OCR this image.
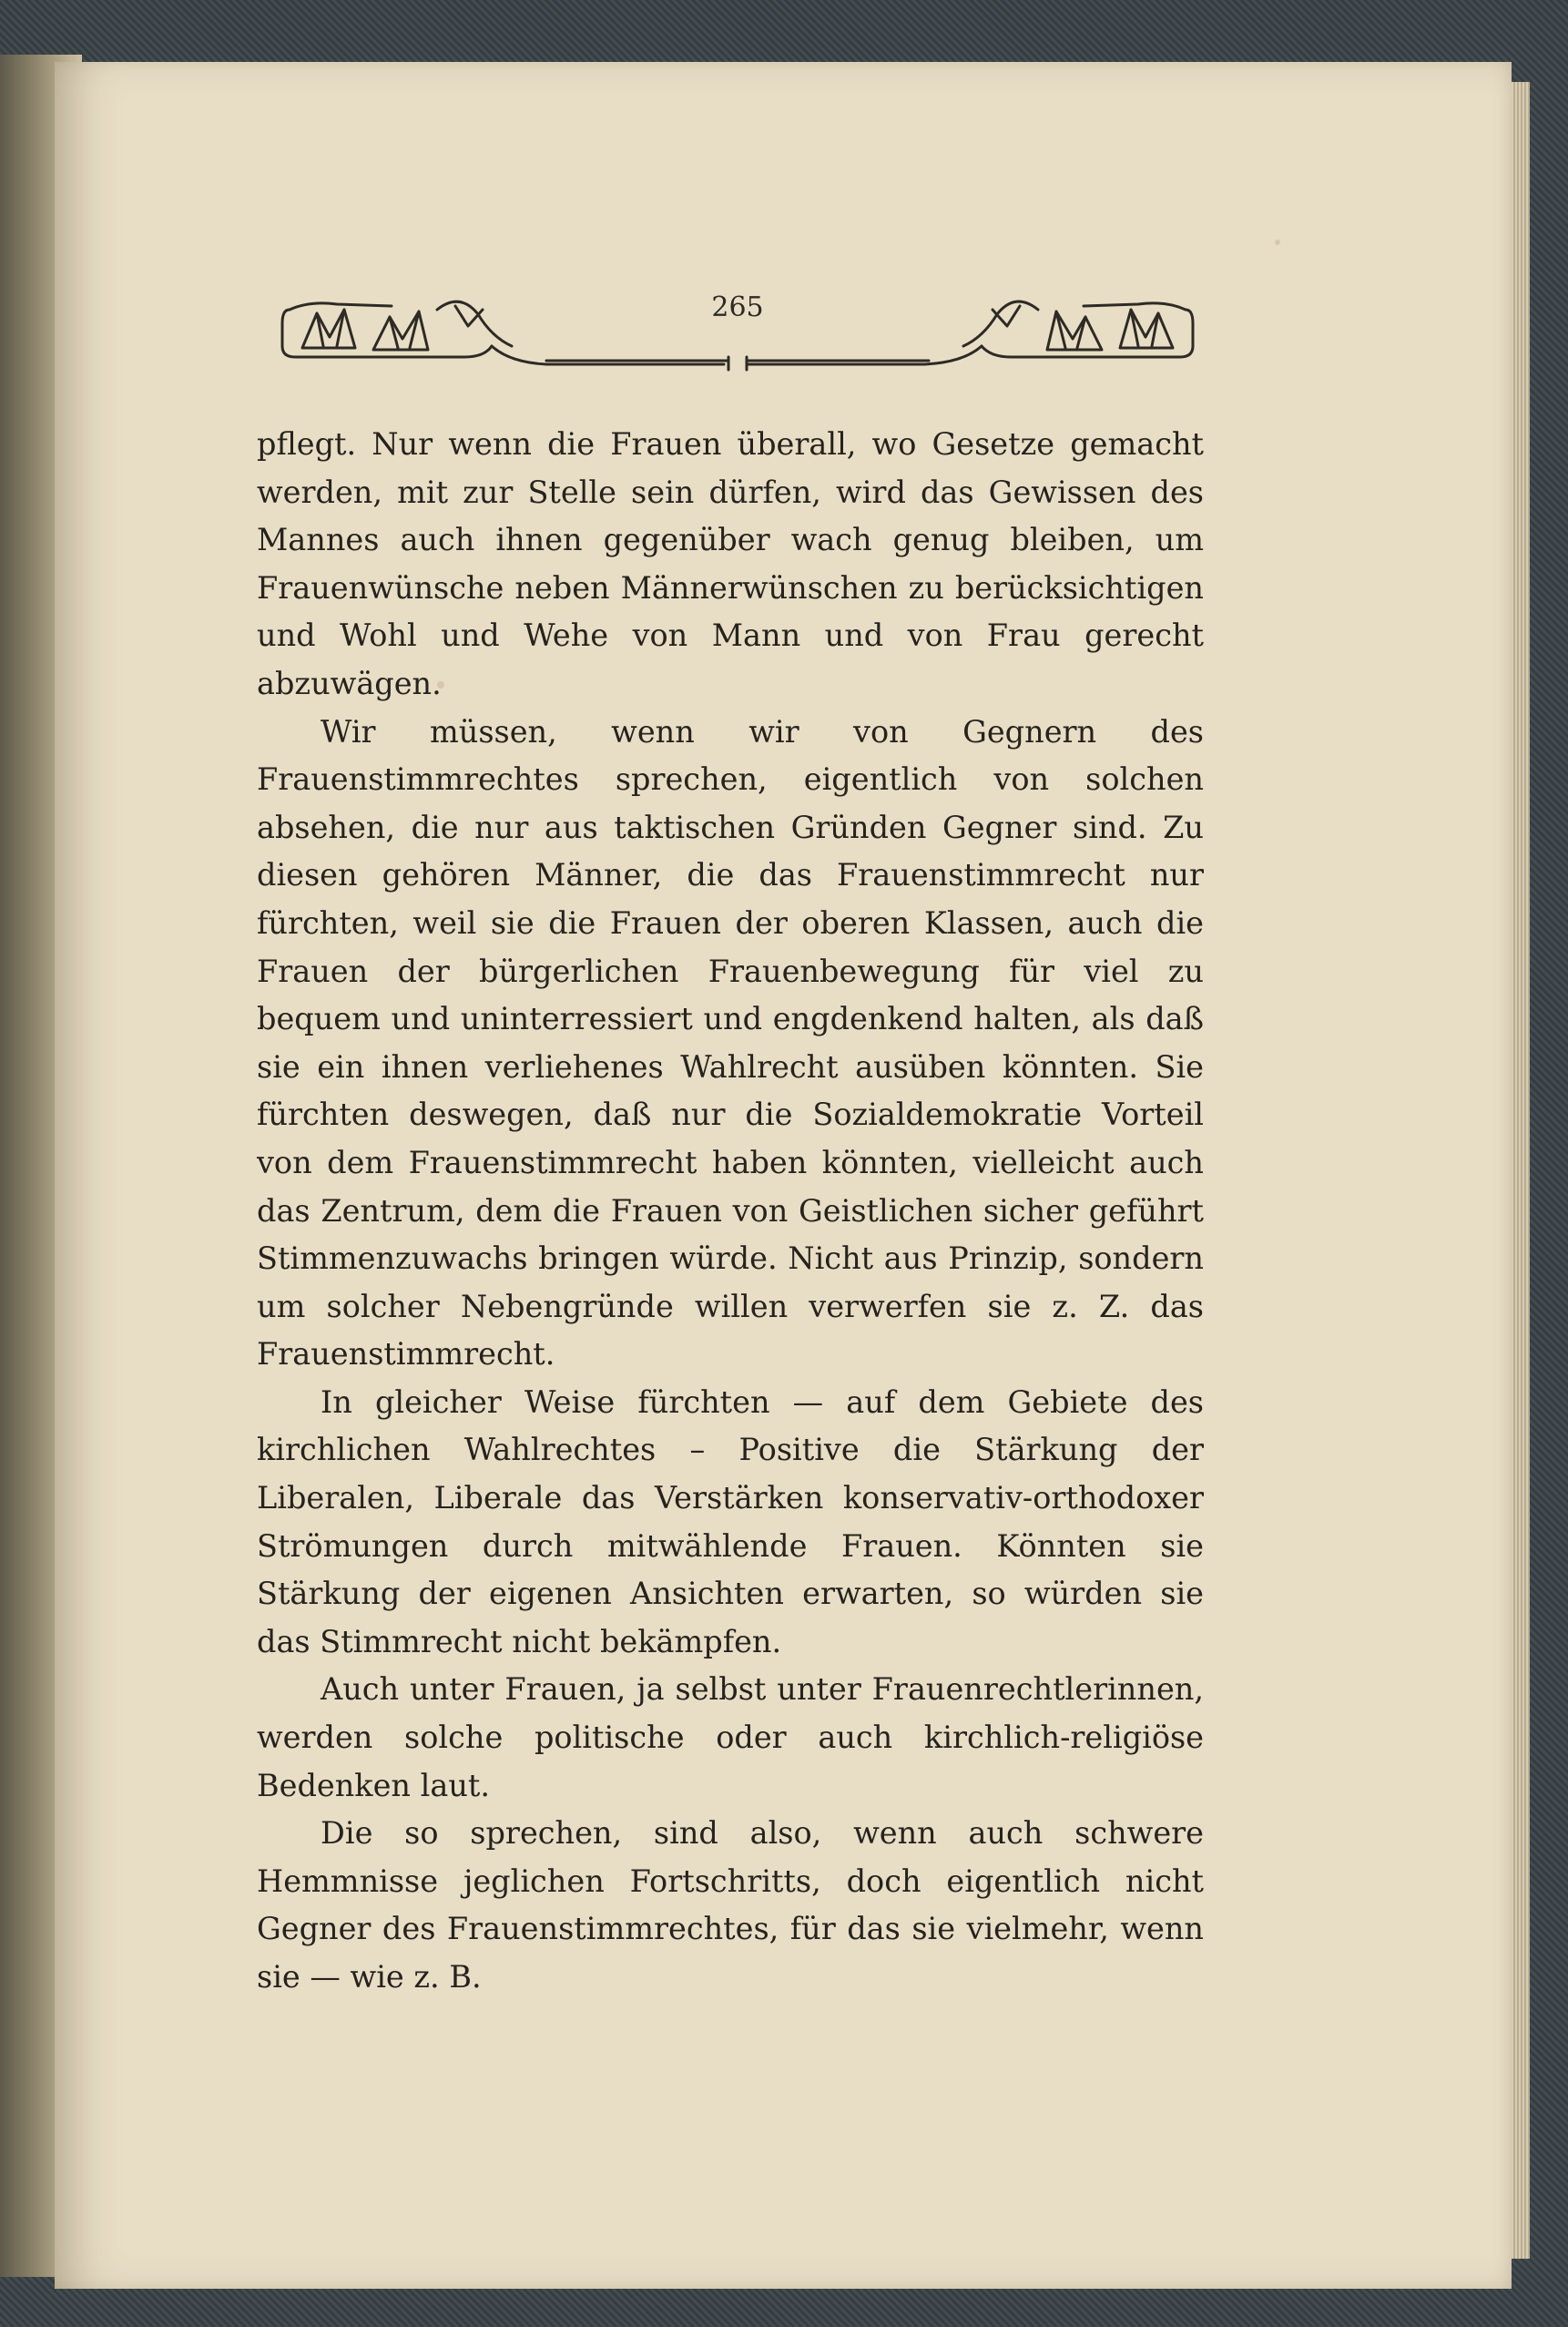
265

pflegt. Nur wenn die Frauen überall, wo Gesetze gemacht werden, mit zur Stelle sein dürfen, wird das Gewissen des Mannes auch ihnen gegenüber wach genug bleiben, um Frauenwünsche neben Männerwünschen zu berücksichtigen und Wohl und Wehe von Mann und von Frau gerecht abzuwägen.

Wir müssen, wenn wir von Gegnern des Frauenstimmrechtes sprechen, eigentlich von solchen absehen, die nur aus taktischen Gründen Gegner sind. Zu diesen gehören Männer, die das Frauenstimmrecht nur fürchten, weil sie die Frauen der oberen Klassen, auch die Frauen der bürgerlichen Frauenbewegung für viel zu bequem und uninterressiert und engdenkend halten, als daß sie ein ihnen verliehenes Wahlrecht ausüben könnten. Sie fürchten deswegen, daß nur die Sozialdemokratie Vorteil von dem Frauenstimmrecht haben könnten, vielleicht auch das Zentrum, dem die Frauen von Geistlichen sicher geführt Stimmenzuwachs bringen würde. Nicht aus Prinzip, sondern um solcher Nebengründe willen verwerfen sie z. Z. das Frauenstimmrecht.

In gleicher Weise fürchten — auf dem Gebiete des kirchlichen Wahlrechtes – Positive die Stärkung der Liberalen, Liberale das Verstärken konservativ-orthodoxer Strömungen durch mitwählende Frauen. Könnten sie Stärkung der eigenen Ansichten erwarten, so würden sie das Stimmrecht nicht bekämpfen.

Auch unter Frauen, ja selbst unter Frauenrechtlerinnen, werden solche politische oder auch kirchlich-religiöse Bedenken laut.

Die so sprechen, sind also, wenn auch schwere Hemmnisse jeglichen Fortschritts, doch eigentlich nicht Gegner des Frauenstimmrechtes, für das sie vielmehr, wenn sie — wie z. B.
